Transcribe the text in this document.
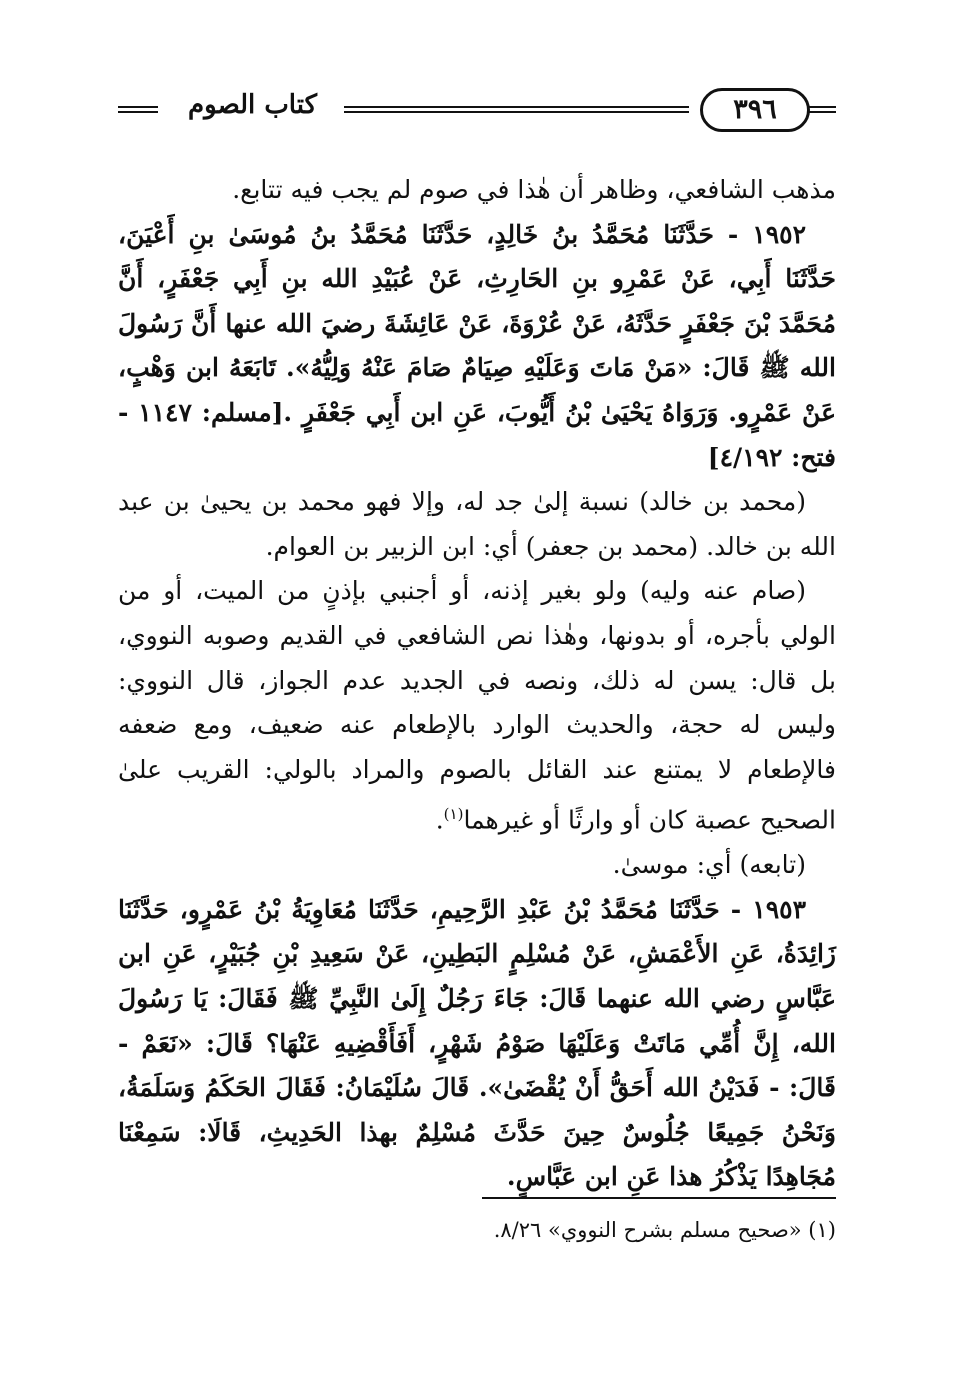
كتاب الصوم	٣٩٦

مذهب الشافعي، وظاهر أن هٰذا في صوم لم يجب فيه تتابع.

١٩٥٢ - حَدَّثَنَا مُحَمَّدُ بنُ خَالِدٍ، حَدَّثَنَا مُحَمَّدُ بنُ مُوسَىٰ بنِ أَعْيَنَ، حَدَّثَنَا أَبِي، عَنْ عَمْرِو بنِ الحَارِثِ، عَنْ عُبَيْدِ الله بنِ أَبِي جَعْفَرٍ، أَنَّ مُحَمَّدَ بْنَ جَعْفَرٍ حَدَّثَهُ، عَنْ عُرْوَةَ، عَنْ عَائِشَةَ رضيَ الله عنها أَنَّ رَسُولَ الله ﷺ قَالَ: «مَنْ مَاتَ وَعَلَيْهِ صِيَامٌ صَامَ عَنْهُ وَلِيُّهُ». تَابَعَهُ ابن وَهْبٍ، عَنْ عَمْرٍو. وَرَوَاهُ يَحْيَىٰ بْنُ أَيُّوبَ، عَنِ ابن أَبِي جَعْفَرٍ .[مسلم: ١١٤٧ - فتح: ٤/١٩٢]

(محمد بن خالد) نسبة إلىٰ جد له، وإلا فهو محمد بن يحيىٰ بن عبد الله بن خالد. (محمد بن جعفر) أي: ابن الزبير بن العوام.

(صام عنه وليه) ولو بغير إذنه، أو أجنبي بإذنٍ من الميت، أو من الولي بأجره، أو بدونها، وهٰذا نص الشافعي في القديم وصوبه النووي، بل قال: يسن له ذلك، ونصه في الجديد عدم الجواز، قال النووي: وليس له حجة، والحديث الوارد بالإطعام عنه ضعيف، ومع ضعفه فالإطعام لا يمتنع عند القائل بالصوم والمراد بالولي: القريب علىٰ الصحيح عصبة كان أو وارثًا أو غيرهما$^{(١)}$.

(تابعه) أي: موسىٰ.

١٩٥٣ - حَدَّثَنَا مُحَمَّدُ بْنُ عَبْدِ الرَّحِيمِ، حَدَّثَنَا مُعَاوِيَةُ بْنُ عَمْرٍو، حَدَّثَنَا زَائِدَةُ، عَنِ الأَعْمَشِ، عَنْ مُسْلِمٍ البَطِينِ، عَنْ سَعِيدِ بْنِ جُبَيْرٍ، عَنِ ابن عَبَّاسٍ رضي الله عنهما قَالَ: جَاءَ رَجُلٌ إِلَىٰ النَّبِيِّ ﷺ فَقَالَ: يَا رَسُولَ الله، إِنَّ أُمِّي مَاتَتْ وَعَلَيْهَا صَوْمُ شَهْرٍ، أَفَأَقْضِيهِ عَنْهَا؟ قَالَ: «نَعَمْ - قَالَ: - فَدَيْنُ الله أَحَقُّ أَنْ يُقْضَىٰ». قَالَ سُلَيْمَانُ: فَقَالَ الحَكَمُ وَسَلَمَةُ، وَنَحْنُ جَمِيعًا جُلُوسٌ حِينَ حَدَّثَ مُسْلِمٌ بهذا الحَدِيثِ، قَالَا: سَمِعْنَا مُجَاهِدًا يَذْكُرُ هذا عَنِ ابن عَبَّاسٍ.

(١) «صحيح مسلم بشرح النووي» ٨/٢٦.
